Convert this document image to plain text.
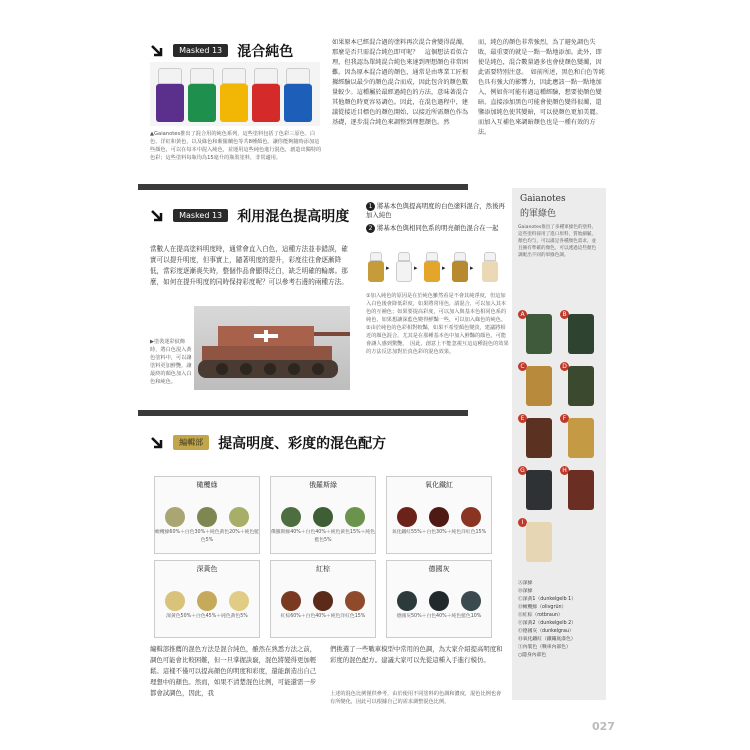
Masked 13 混合純色
▲Gaianotes推出了混合用的純色系列，這些塗料包括了色彩三原色、白色、洋紅和黃色，以及綠色和紫羅蘭色等共8種顏色。讓你能夠隨時添加這些顏色，可以在每本中混入純色，並運用這些純色進行混色，創造出獨特的色彩；這些塗料每瓶均為15毫升的瓶裝塗料，非常適用。
如果原本已經混合過的塗料再次混合會變得混濁，那麼是否只需混合純色即可呢？　這個想法看似合理，但我認為單純混合純色來達到理想顏色非常困難。因為原本混合過的顏色，通常是由專業工匠根據經驗以最少的顏色混合而成，因此包含的顏色數量較少。這種屬於最經過純色的方法，意味著混合其他顏色時更容易調色。因此，在混色過程中，建議從接近目標色的顏色開始，以接近所需顏色作為基礎，逐步混合純色來調整到理想顏色。然
而，純色的顏色非常強烈，為了避免調色失敗，最重要的就是一點一點地添加。此外，即使是純色，混合數量過多也會使顏色變濁，因此需要特別注意。　如前所述，黑色和白色等純色具有強大的影響力，因此應該一點一點地加入，例如你可能有過這種經驗，想要使顏色變暗，直接添加黑色可能會使顏色變得很濁，還鑒添加純色使其變暗，可以使顏色更加美麗。而加入互補色來調暗顏色也是一種有效的方法。
Masked 13 利用混色提高明度
當數人在提高塗料明度時，通常會直入白色，這種方法並非錯誤，確實可以提升明度，但事實上，隨著明度的提升，彩度往往會逐漸降低，當彩度逐漸喪失時，整個作品會顯得泛白，缺乏明確的輪廓。那麼，如何在提升明度的同時保持彩度呢？可以參考右邊的兩種方法。
▶塗裝迷彩紋飾時，將白色混入黃色塗料中，可以讓塗料更加鮮艷，讓最終的顏色加入白色和純色。
1 將基本色與提高明度的白色塗料混合，然後再加入純色
2 將基本色與相同色系的明亮顏色混合在一起
▸	▸	▸	▸
①加入純色的原因是在於純色雖然看是不會其純淨度，但這加入白色後會降低彩度，如果將常用色，請混合，可以加入其本色的互補色；如果要提高彩度，可以加入與基本色相同色系的純色，如果想讓深藍色變得鮮豔一些，可以加入綠色的純色。②由於純色的色彩相對較豔，如果不希望顏色變淡，建議將相近的顏色混合，尤其是在那種基本色中加入鮮豔的顏色，可能會讓人感到驚艷。　因此，創意上不能忽視互這這種混色的效果的方法反思加對於真色彩的混色效果。
Gaianotes
的軍綠色
Gaianotes推出了多種軍綠色的塗料，這些塗料採用了進口原料，質地細膩，顏色均勻，可以滿足各種顏色需求，並且擁有準確的顏色，可以透過這些顏色調配出不同的軍綠色調。
A	B
C	D
E	F
G	H
I
Ⓐ深綠
Ⓑ深綠
Ⓒ深黃1（dunkelgelb 1）
Ⓓ橄欖綠（olivgrün）
Ⓔ紅棕（rotbraun）
Ⓕ深黃2（dunkelgelb 2）
Ⓖ德國灰（dunkelgrau）
Ⓗ氧化鐵紅（鐵鏽底漆色）
Ⓘ內裝色（戰車內部色）
○隱身內部色
編輯部 提高明度、彩度的混色配方
橄欖綠
橄欖綠60%＋白色30%＋純色黃色20%＋純色藍色5%
俄羅斯綠
俄羅斯綠40%＋白色40%＋純色黃色15%＋純色藍色5%
氧化鐵紅
氧化鐵紅55%＋白色30%＋純色洋紅色15%
深黃色
深黃色50%＋白色45%＋純色黃色5%
紅棕
紅棕60%＋白色40%＋純色洋紅色15%
德國灰
德國灰50%＋白色40%＋純色藍色10%
編輯部推薦的混色方法是混合純色，雖然在熟悉方法之前，調色可能會比較困難，但一旦掌握訣竅，混色將變得更加輕鬆。這樣不僅可以提高顏色的明度和彩度，還能創造出自己理想中的顏色。然而，如果不清楚混色比例，可能還需一步都會試調色，因此，我
們挑選了一些戰車模型中常用的色調，為大家介紹提高明度和彩度的混色配方。建議大家可以先從這種入手進行模仿。
上述的混色比例僅供參考，由於使用不同塗料的色調和濃度，混色比例也會有所變化，因此可以根據自己的需求調整混色比例。
027
